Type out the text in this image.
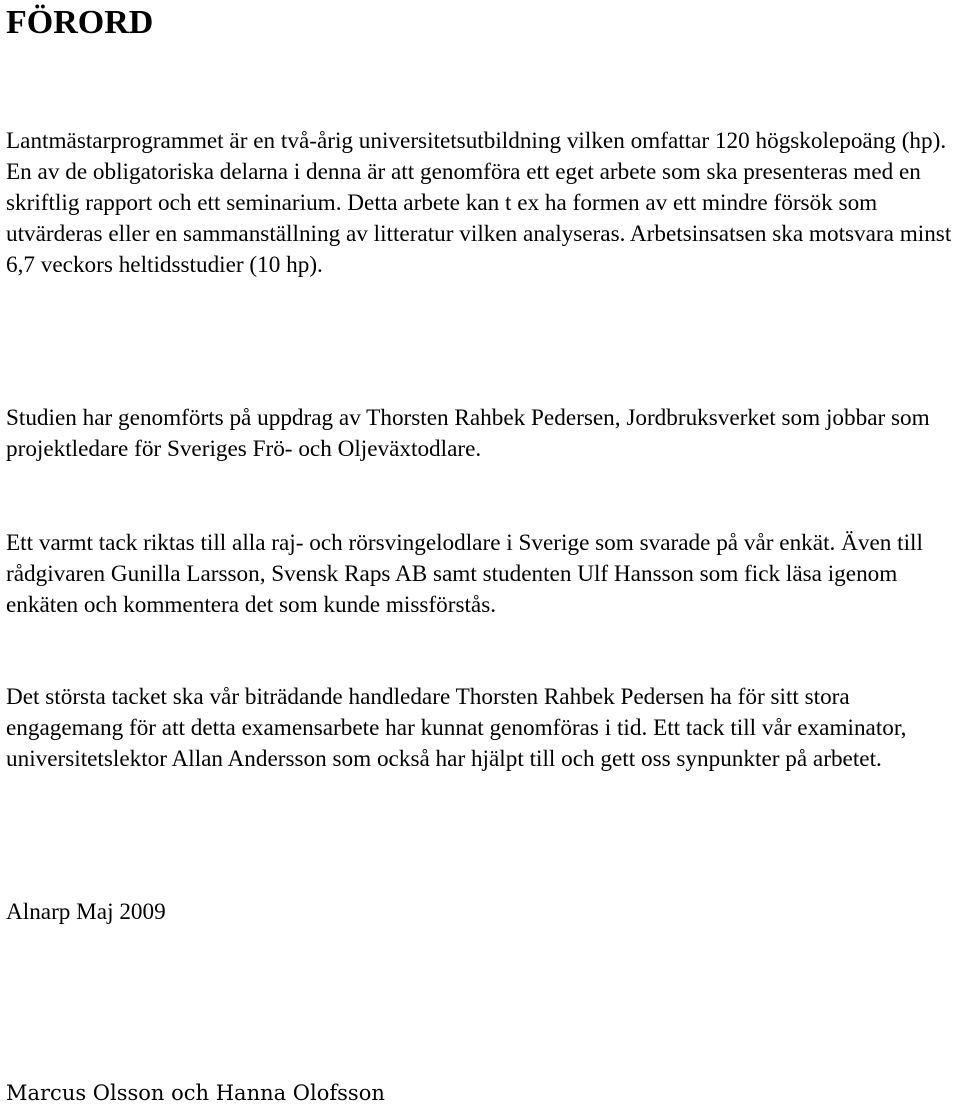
FÖRORD

Lantmästarprogrammet är en två-årig universitetsutbildning vilken omfattar 120 högskolepoäng (hp). En av de obligatoriska delarna i denna är att genomföra ett eget arbete som ska presenteras med en skriftlig rapport och ett seminarium. Detta arbete kan t ex ha formen av ett mindre försök som utvärderas eller en sammanställning av litteratur vilken analyseras. Arbetsinsatsen ska motsvara minst 6,7 veckors heltidsstudier (10 hp).

Studien har genomförts på uppdrag av Thorsten Rahbek Pedersen, Jordbruksverket som jobbar som projektledare för Sveriges Frö- och Oljeväxtodlare.

Ett varmt tack riktas till alla raj- och rörsvingelodlare i Sverige som svarade på vår enkät. Även till rådgivaren Gunilla Larsson, Svensk Raps AB samt studenten Ulf Hansson som fick läsa igenom enkäten och kommentera det som kunde missförstås.

Det största tacket ska vår biträdande handledare Thorsten Rahbek Pedersen ha för sitt stora engagemang för att detta examensarbete har kunnat genomföras i tid. Ett tack till vår examinator, universitetslektor Allan Andersson som också har hjälpt till och gett oss synpunkter på arbetet.

Alnarp Maj 2009

Marcus Olsson och Hanna Olofsson
